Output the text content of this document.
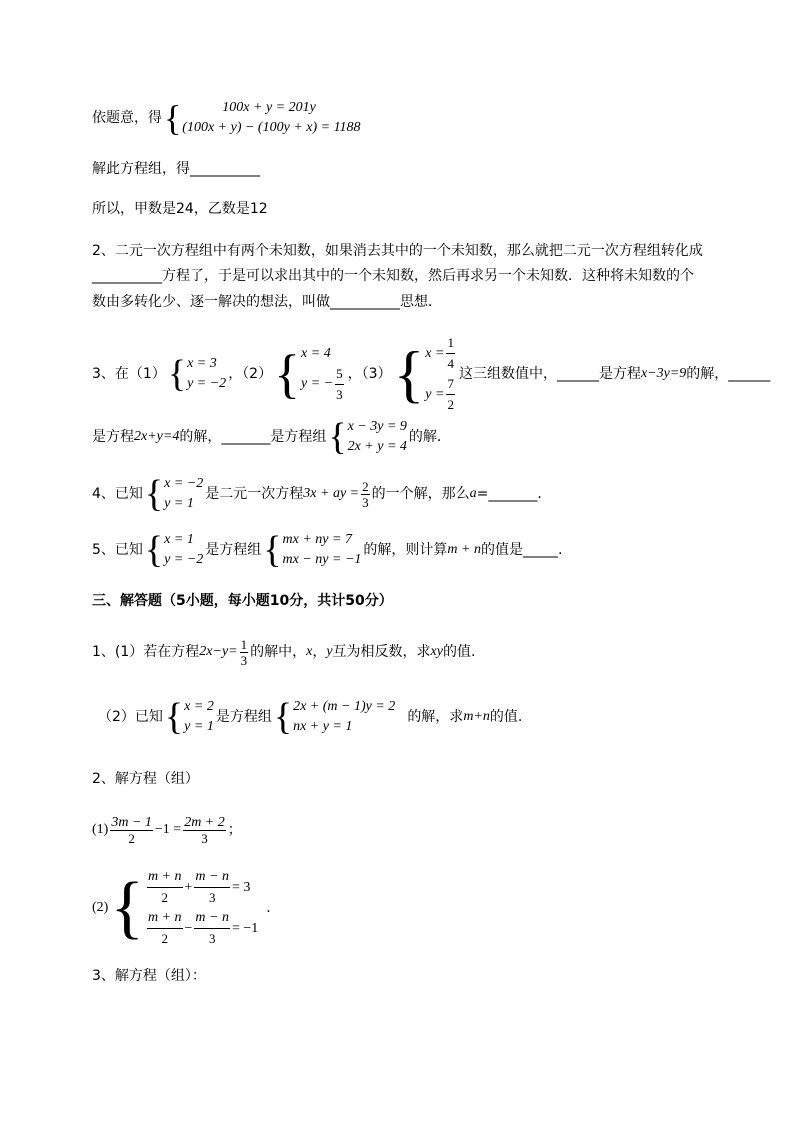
依题意，得 {	100x + y = 201y
(100x + y) − (100y + x) = 1188
解此方程组，得__________
所以，甲数是24，乙数是12
2、二元一次方程组中有两个未知数，如果消去其中的一个未知数，那么就把二元一次方程组转化成
__________方程了，于是可以求出其中的一个未知数，然后再求另一个未知数．这种将未知数的个
数由多转化少、逐一解决的想法，叫做__________思想．
3、在（1） { x = 3
y = −2
，（2） { x = 4
y = − $\frac{5}{3}$ ，（3） { $x = \frac{1}{4}$
$y = \frac{7}{2}$ 这三组数值中，______是方程 x−3y=9 的解，______
是方程 2x+y=4 的解，_______是方程组 { x − 3y = 9
2x + y = 4
的解．
4、已知 { x = −2
y = 1
是二元一次方程 3x + ay = $\frac{2}{3}$ 的一个解，那么 a =_______.
5、已知 { x = 1
y = −2
是方程组 { mx + ny = 7
mx − ny = −1
的解，则计算 m + n 的值是_____.
三、解答题（5小题，每小题10分，共计50分）
1、(1）若在方程 $2x-y= \frac{1}{3}$ 的解中， x ， y 互为相反数，求 xy 的值.
（2）已知 { x = 2
y = 1
是方程组 { 2x + (m − 1)y = 2
nx + y = 1
的解，求 m+n 的值.
2、解方程（组）
$(1) \frac{3m - 1}{2} -1 = \frac{2m + 2}{3}$ ；
(2) { $\frac{m + n}{2} + \frac{m - n}{3} = 3$
$\frac{m + n}{2} - \frac{m - n}{3} = -1$
.
3、解方程（组）：
